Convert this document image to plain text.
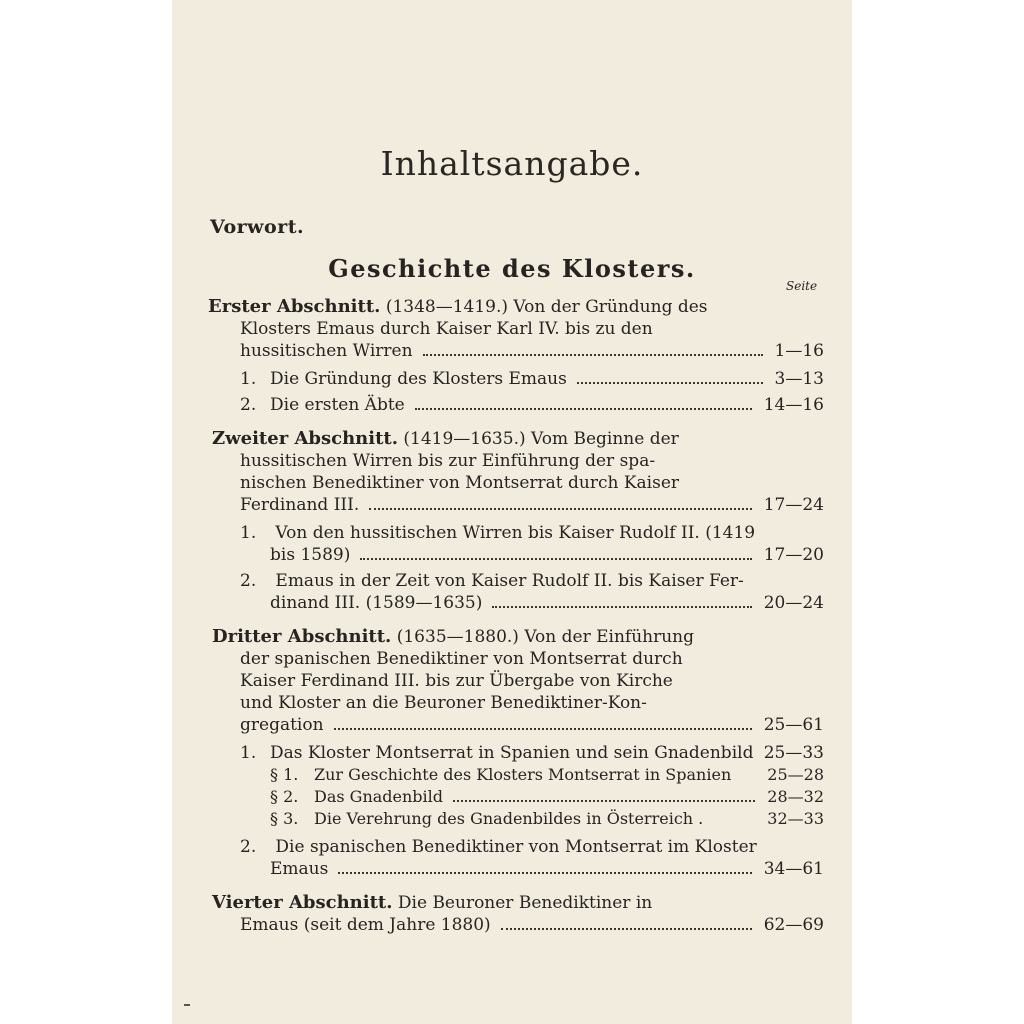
Inhaltsangabe.
Vorwort.
Geschichte des Klosters.
Seite
Erster Abschnitt. (1348—1419.) Von der Gründung des
Klosters Emaus durch Kaiser Karl IV. bis zu den
hussitischen Wirren	1—16
1. Die Gründung des Klosters Emaus	3—13
2. Die ersten Äbte	14—16
Zweiter Abschnitt. (1419—1635.) Vom Beginne der
hussitischen Wirren bis zur Einführung der spa-
nischen Benediktiner von Montserrat durch Kaiser
Ferdinand III.	17—24
1. Von den hussitischen Wirren bis Kaiser Rudolf II. (1419
bis 1589)	17—20
2. Emaus in der Zeit von Kaiser Rudolf II. bis Kaiser Fer-
dinand III. (1589—1635)	20—24
Dritter Abschnitt. (1635—1880.) Von der Einführung
der spanischen Benediktiner von Montserrat durch
Kaiser Ferdinand III. bis zur Übergabe von Kirche
und Kloster an die Beuroner Benediktiner-Kon-
gregation	25—61
1. Das Kloster Montserrat in Spanien und sein Gnadenbild 25—33
§ 1. Zur Geschichte des Klosters Montserrat in Spanien 25—28
§ 2. Das Gnadenbild	28—32
§ 3. Die Verehrung des Gnadenbildes in Österreich .	32—33
2. Die spanischen Benediktiner von Montserrat im Kloster
Emaus	34—61
Vierter Abschnitt. Die Beuroner Benediktiner in
Emaus (seit dem Jahre 1880)	62—69
